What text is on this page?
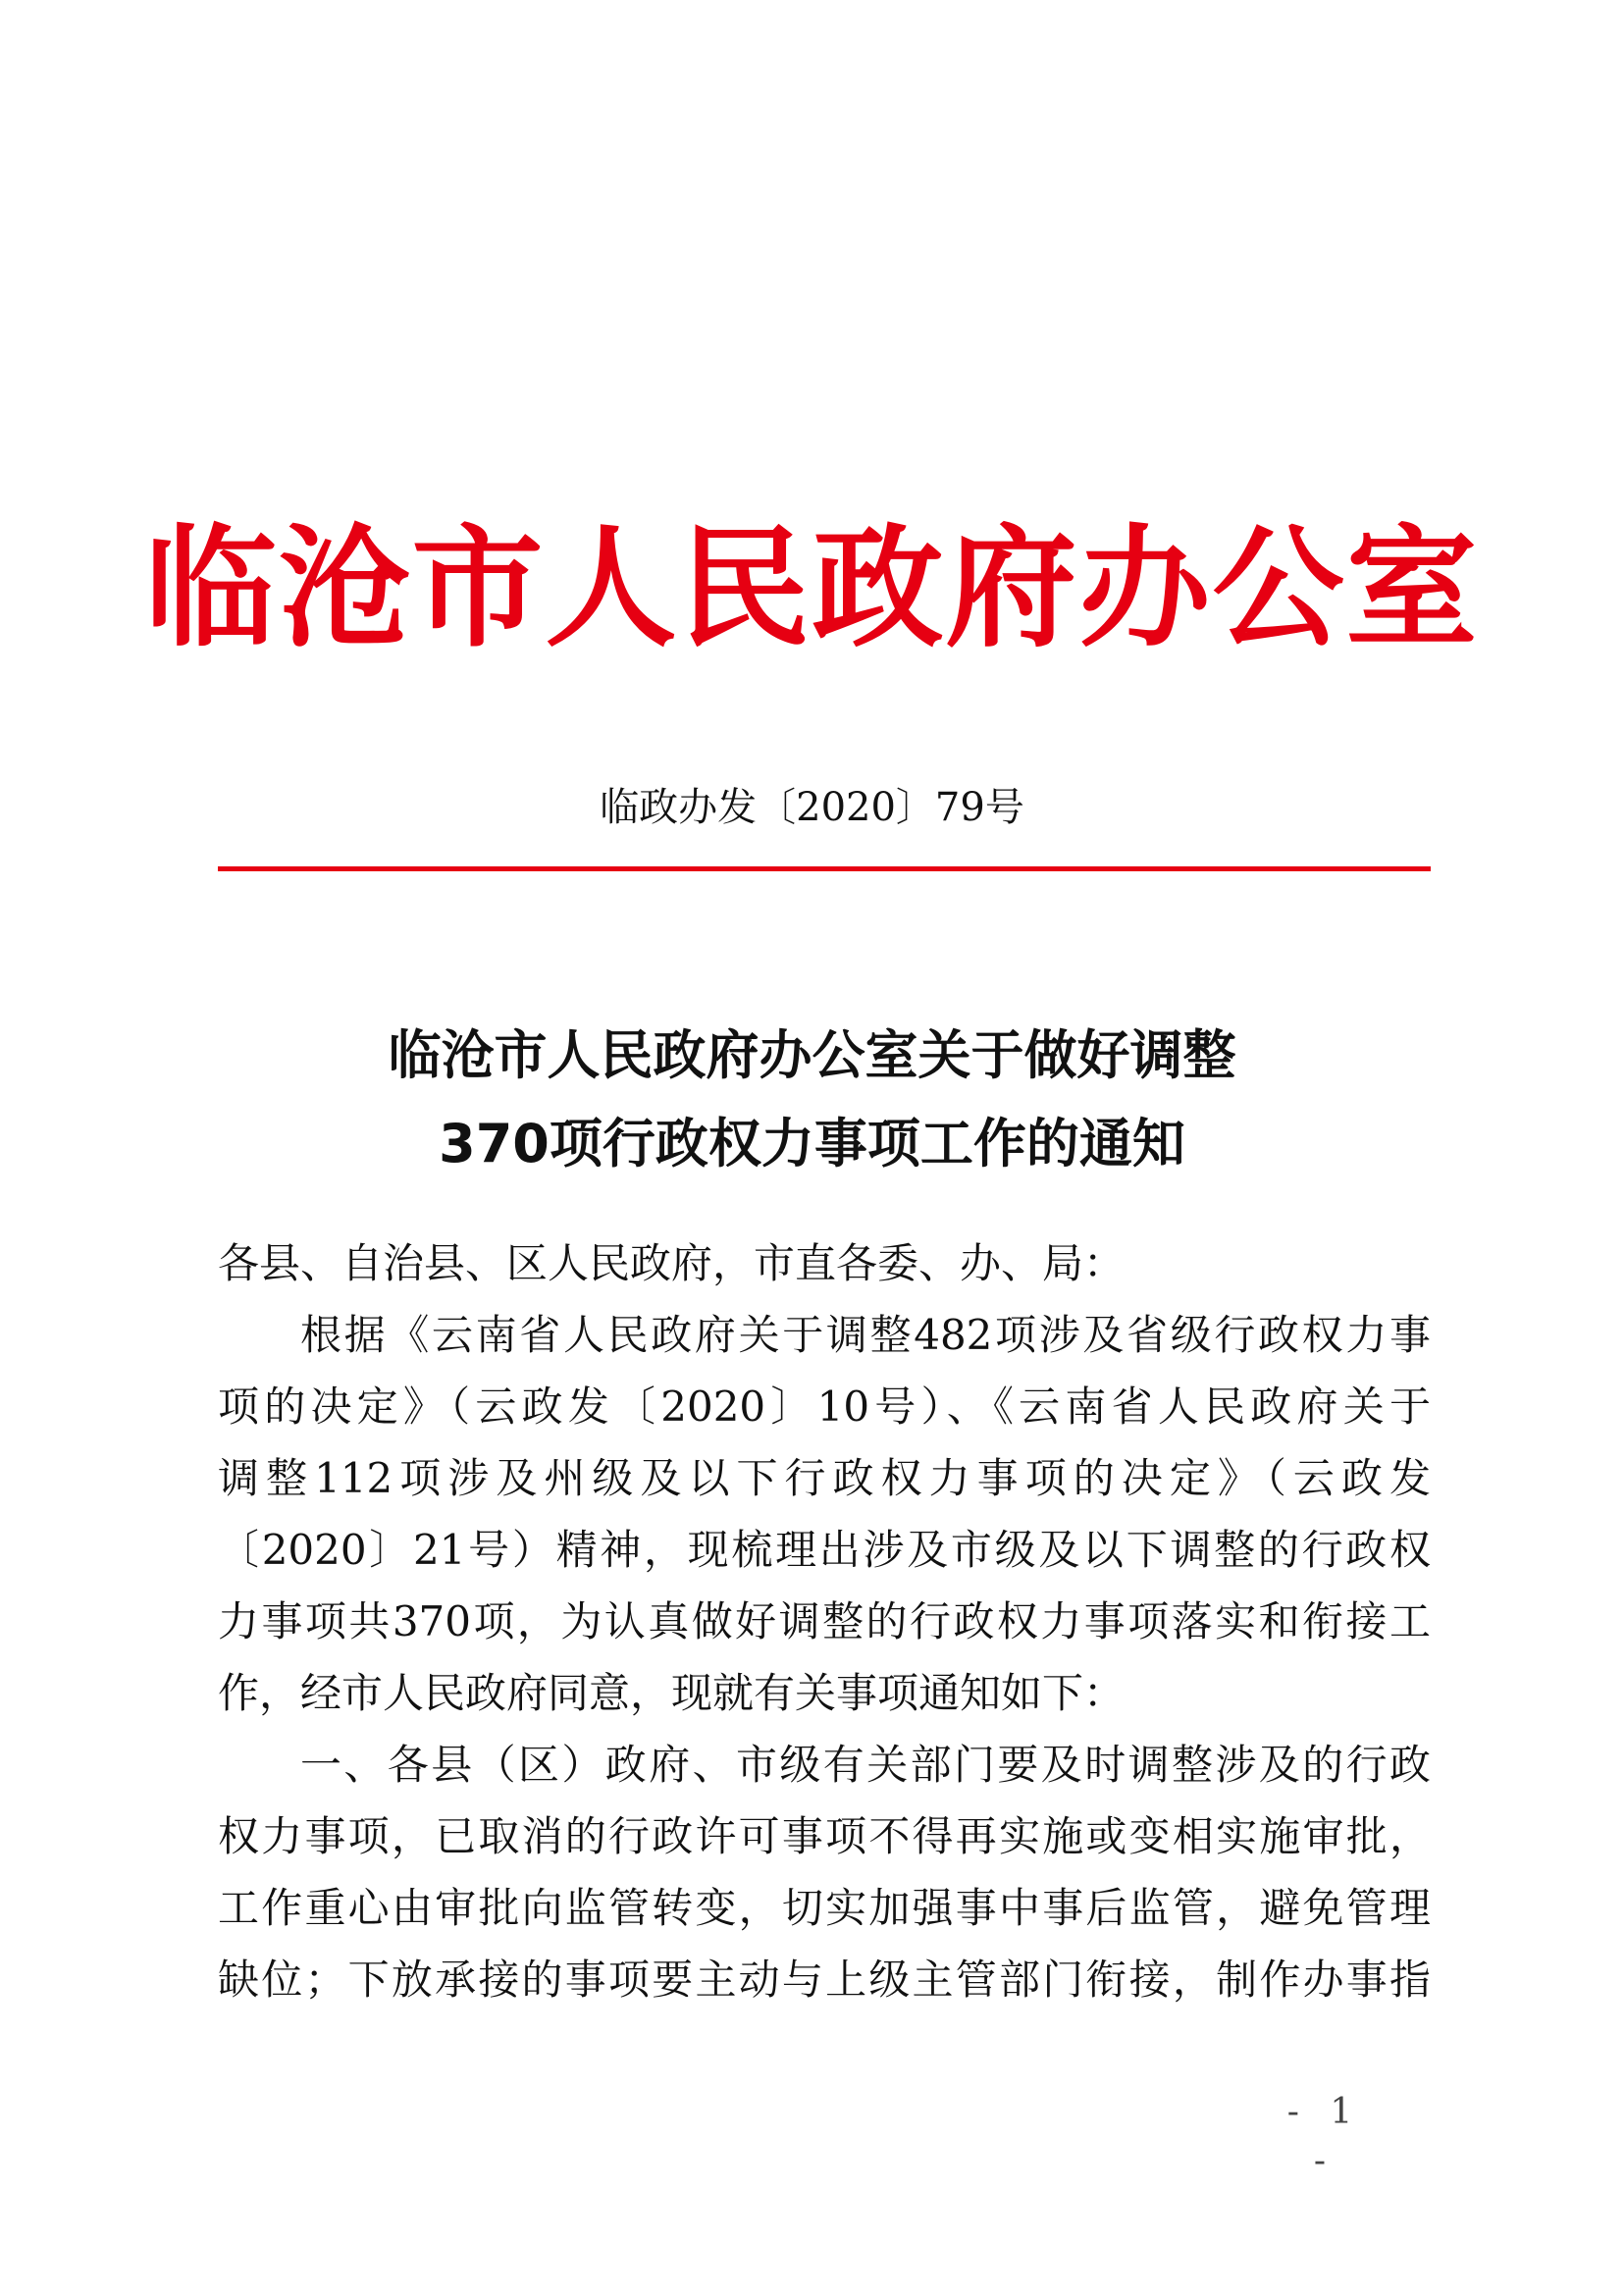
临沧市人民政府办公室
临政办发〔2020〕79号
临沧市人民政府办公室关于做好调整
370项行政权力事项工作的通知
各县、自治县、区人民政府，市直各委、办、局：
根据《云南省人民政府关于调整482项涉及省级行政权力事
项的决定》（云政发〔2020〕10号）、《云南省人民政府关于
调整112项涉及州级及以下行政权力事项的决定》（云政发
〔2020〕21号）精神，现梳理出涉及市级及以下调整的行政权
力事项共370项，为认真做好调整的行政权力事项落实和衔接工
作，经市人民政府同意，现就有关事项通知如下：
一、各县（区）政府、市级有关部门要及时调整涉及的行政
权力事项，已取消的行政许可事项不得再实施或变相实施审批，
工作重心由审批向监管转变，切实加强事中事后监管，避免管理
缺位；下放承接的事项要主动与上级主管部门衔接，制作办事指
- 1 -
